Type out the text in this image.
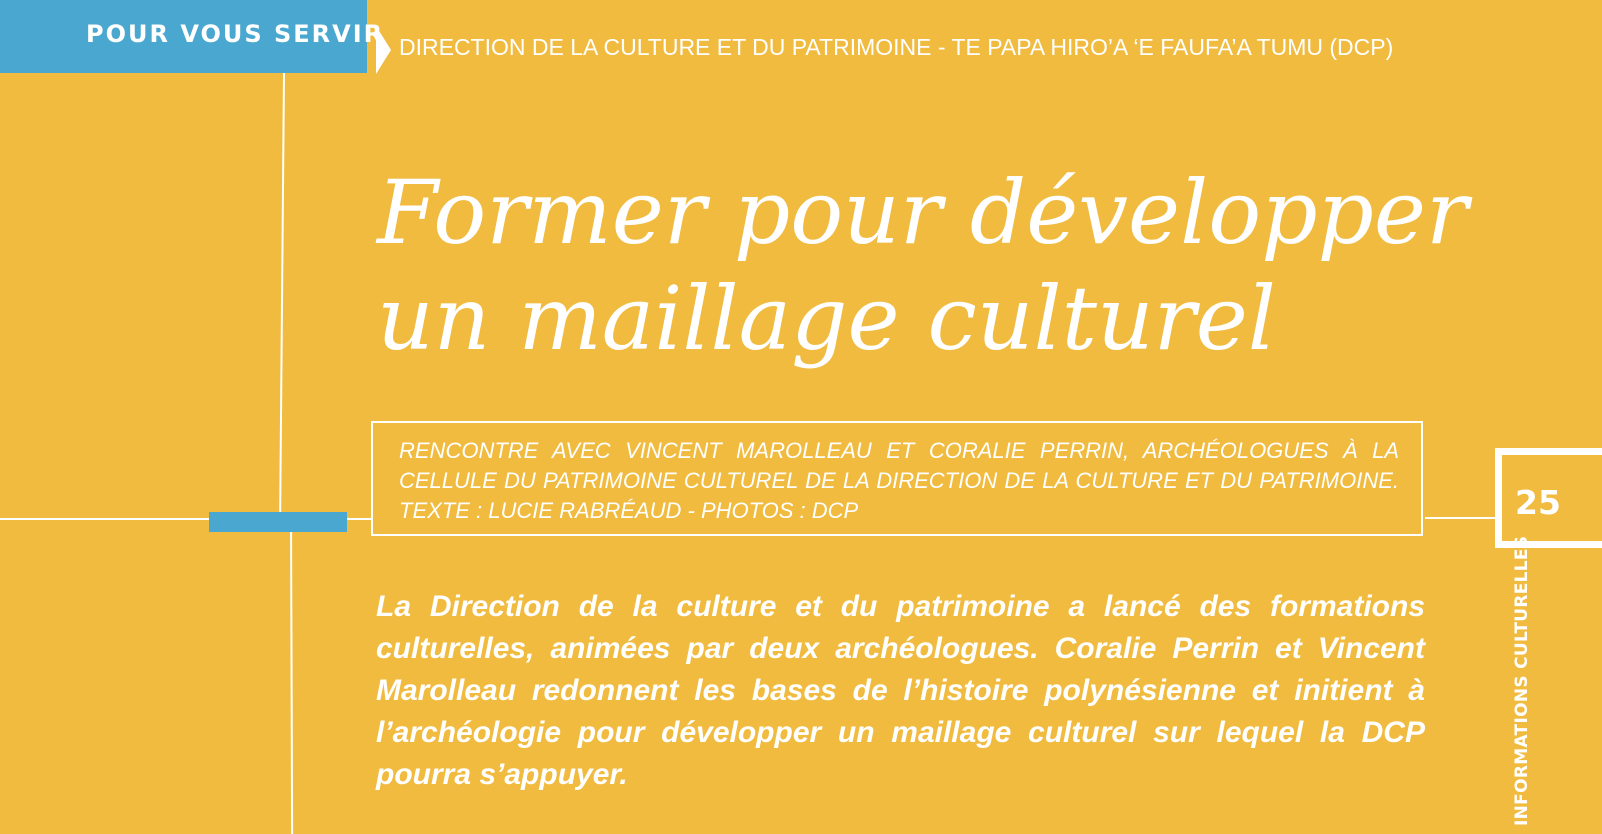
POUR VOUS SERVIR DIRECTION DE LA CULTURE ET DU PATRIMOINE - TE PAPA HIRO’A ‘E FAUFA’A TUMU (DCP)
Former pour développer
un maillage culturel
RENCONTRE AVEC VINCENT MAROLLEAU ET CORALIE PERRIN, ARCHÉOLOGUES À LA CELLULE DU PATRIMOINE CULTUREL DE LA DIRECTION DE LA CULTURE ET DU PATRIMOINE. TEXTE : LUCIE RABRÉAUD - PHOTOS : DCP	25
INFORMATIONS CULTURELLES

La Direction de la culture et du patrimoine a lancé des formations culturelles, animées par deux archéologues. Coralie Perrin et Vincent Marolleau redonnent les bases de l’histoire polynésienne et initient à l’archéologie pour développer un maillage culturel sur lequel la DCP pourra s’appuyer.
